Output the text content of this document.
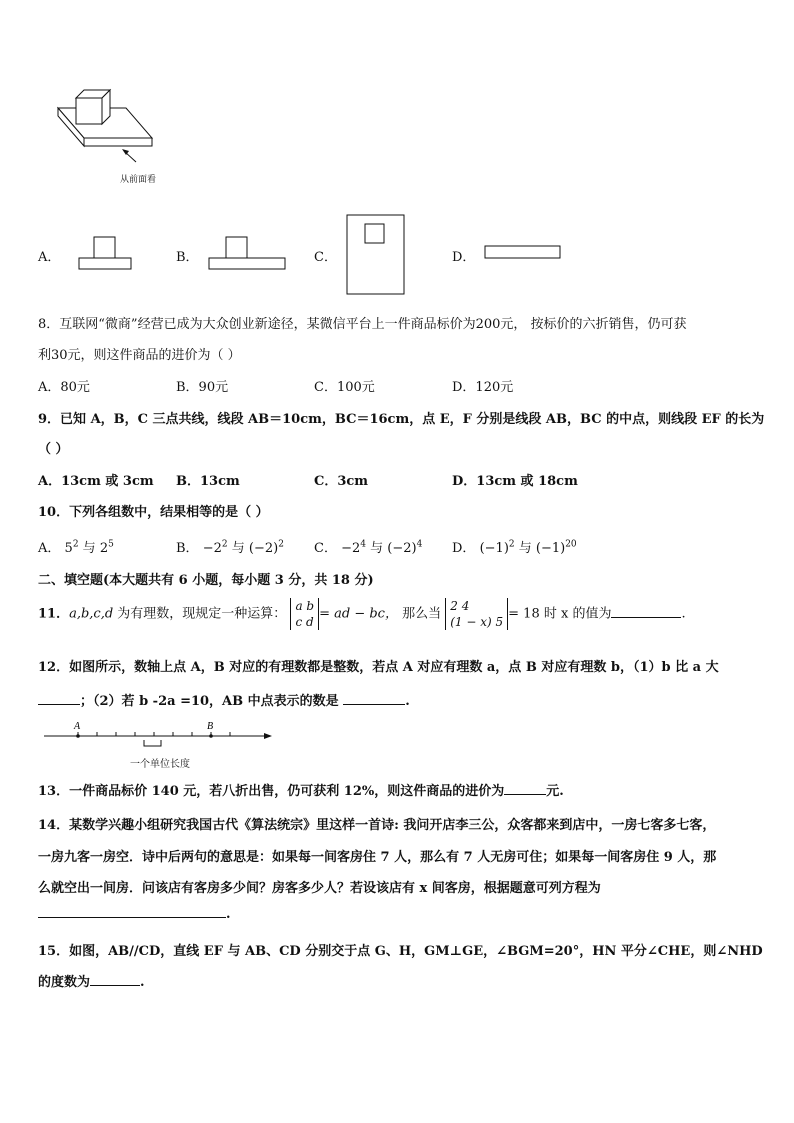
从前面看
A．	B．	C．	D．
8．互联网“微商”经营已成为大众创业新途径，某微信平台上一件商品标价为200元， 按标价的六折销售，仍可获
利30元，则这件商品的进价为（ ）
A．80元	B．90元	C．100元	D．120元
9．已知 A，B，C 三点共线，线段 AB＝10cm，BC＝16cm，点 E，F 分别是线段 AB，BC 的中点，则线段 EF 的长为
（ ）
A．13cm 或 3cm B．13cm	C．3cm	D．13cm 或 18cm
10．下列各组数中，结果相等的是（ ）
A． $5^2$ 与 $2^5$	B． $-2^2$ 与 $(-2)^2$ C． $-2^4$ 与 $(-2)^4$ D． $(-1)^2$ 与 $(-1)^{20}$
二、填空题(本大题共有 6 小题，每小题 3 分，共 18 分)
11．a,b,c,d 为有理数，现规定一种运算：
a b
c d
= ad − bc， 那么当
2 4
(1 − x) 5
= 18 时 x 的值为	.
12．如图所示，数轴上点 A，B 对应的有理数都是整数，若点 A 对应有理数 a，点 B 对应有理数 b，（1）b 比 a 大
；（2）若 b -2a =10，AB 中点表示的数是	.
A	B
一个单位长度
13．一件商品标价 140 元，若八折出售，仍可获利 12%，则这件商品的进价为	元.
14．某数学兴趣小组研究我国古代《算法统宗》里这样一首诗: 我问开店李三公，众客都来到店中，一房七客多七客，
一房九客一房空．诗中后两句的意思是：如果每一间客房住 7 人，那么有 7 人无房可住；如果每一间客房住 9 人，那
么就空出一间房．问该店有客房多少间？房客多少人？若设该店有 x 间客房，根据题意可列方程为
.
15．如图，AB//CD，直线 EF 与 AB、CD 分别交于点 G、H，GM⊥GE，∠BGM=20°，HN 平分∠CHE，则∠NHD
的度数为	.
